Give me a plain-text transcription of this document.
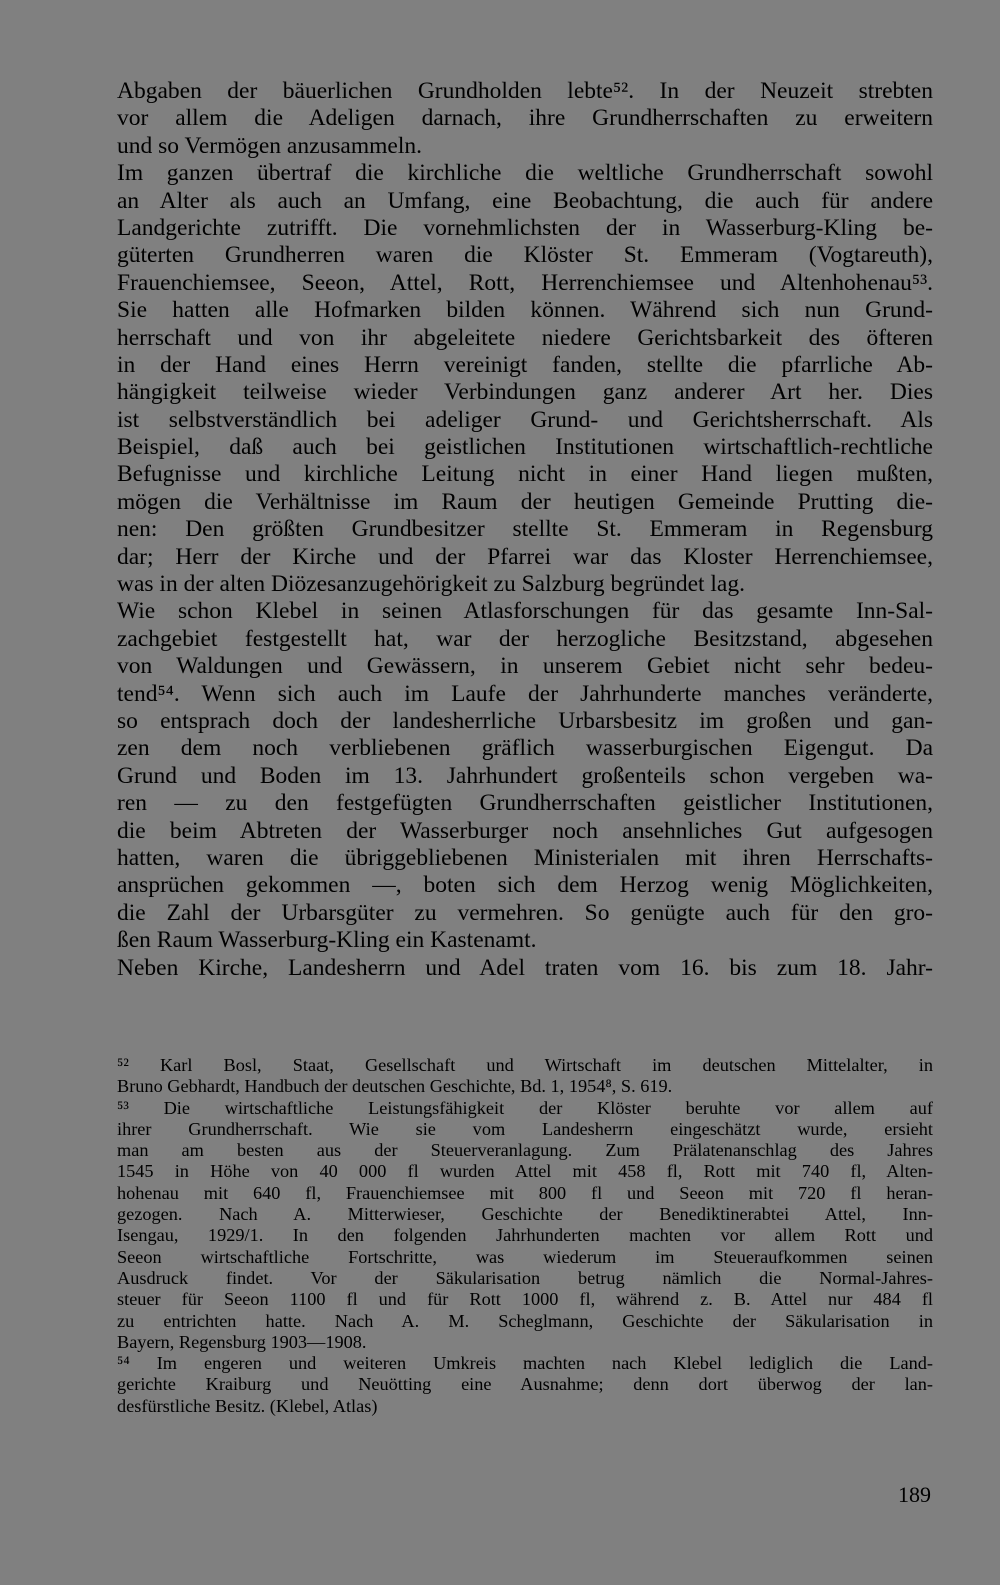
Abgaben der bäuerlichen Grundholden lebte⁵². In der Neuzeit strebten
vor allem die Adeligen darnach, ihre Grundherrschaften zu erweitern
und so Vermögen anzusammeln.
Im ganzen übertraf die kirchliche die weltliche Grundherrschaft sowohl
an Alter als auch an Umfang, eine Beobachtung, die auch für andere
Landgerichte zutrifft. Die vornehmlichsten der in Wasserburg-Kling be-
güterten Grundherren waren die Klöster St. Emmeram (Vogtareuth),
Frauenchiemsee, Seeon, Attel, Rott, Herrenchiemsee und Altenhohenau⁵³.
Sie hatten alle Hofmarken bilden können. Während sich nun Grund-
herrschaft und von ihr abgeleitete niedere Gerichtsbarkeit des öfteren
in der Hand eines Herrn vereinigt fanden, stellte die pfarrliche Ab-
hängigkeit teilweise wieder Verbindungen ganz anderer Art her. Dies
ist selbstverständlich bei adeliger Grund- und Gerichtsherrschaft. Als
Beispiel, daß auch bei geistlichen Institutionen wirtschaftlich-rechtliche
Befugnisse und kirchliche Leitung nicht in einer Hand liegen mußten,
mögen die Verhältnisse im Raum der heutigen Gemeinde Prutting die-
nen: Den größten Grundbesitzer stellte St. Emmeram in Regensburg
dar; Herr der Kirche und der Pfarrei war das Kloster Herrenchiemsee,
was in der alten Diözesanzugehörigkeit zu Salzburg begründet lag.
Wie schon Klebel in seinen Atlasforschungen für das gesamte Inn-Sal-
zachgebiet festgestellt hat, war der herzogliche Besitzstand, abgesehen
von Waldungen und Gewässern, in unserem Gebiet nicht sehr bedeu-
tend⁵⁴. Wenn sich auch im Laufe der Jahrhunderte manches veränderte,
so entsprach doch der landesherrliche Urbarsbesitz im großen und gan-
zen dem noch verbliebenen gräflich wasserburgischen Eigengut. Da
Grund und Boden im 13. Jahrhundert großenteils schon vergeben wa-
ren — zu den festgefügten Grundherrschaften geistlicher Institutionen,
die beim Abtreten der Wasserburger noch ansehnliches Gut aufgesogen
hatten, waren die übriggebliebenen Ministerialen mit ihren Herrschafts-
ansprüchen gekommen —, boten sich dem Herzog wenig Möglichkeiten,
die Zahl der Urbarsgüter zu vermehren. So genügte auch für den gro-
ßen Raum Wasserburg-Kling ein Kastenamt.
Neben Kirche, Landesherrn und Adel traten vom 16. bis zum 18. Jahr-
⁵² Karl Bosl, Staat, Gesellschaft und Wirtschaft im deutschen Mittelalter, in
Bruno Gebhardt, Handbuch der deutschen Geschichte, Bd. 1, 1954⁸, S. 619.
⁵³ Die wirtschaftliche Leistungsfähigkeit der Klöster beruhte vor allem auf
ihrer Grundherrschaft. Wie sie vom Landesherrn eingeschätzt wurde, ersieht
man am besten aus der Steuerveranlagung. Zum Prälatenanschlag des Jahres
1545 in Höhe von 40 000 fl wurden Attel mit 458 fl, Rott mit 740 fl, Alten-
hohenau mit 640 fl, Frauenchiemsee mit 800 fl und Seeon mit 720 fl heran-
gezogen. Nach A. Mitterwieser, Geschichte der Benediktinerabtei Attel, Inn-
Isengau, 1929/1. In den folgenden Jahrhunderten machten vor allem Rott und
Seeon wirtschaftliche Fortschritte, was wiederum im Steueraufkommen seinen
Ausdruck findet. Vor der Säkularisation betrug nämlich die Normal-Jahres-
steuer für Seeon 1100 fl und für Rott 1000 fl, während z. B. Attel nur 484 fl
zu entrichten hatte. Nach A. M. Scheglmann, Geschichte der Säkularisation in
Bayern, Regensburg 1903—1908.
⁵⁴ Im engeren und weiteren Umkreis machten nach Klebel lediglich die Land-
gerichte Kraiburg und Neuötting eine Ausnahme; denn dort überwog der lan-
desfürstliche Besitz. (Klebel, Atlas)
189
